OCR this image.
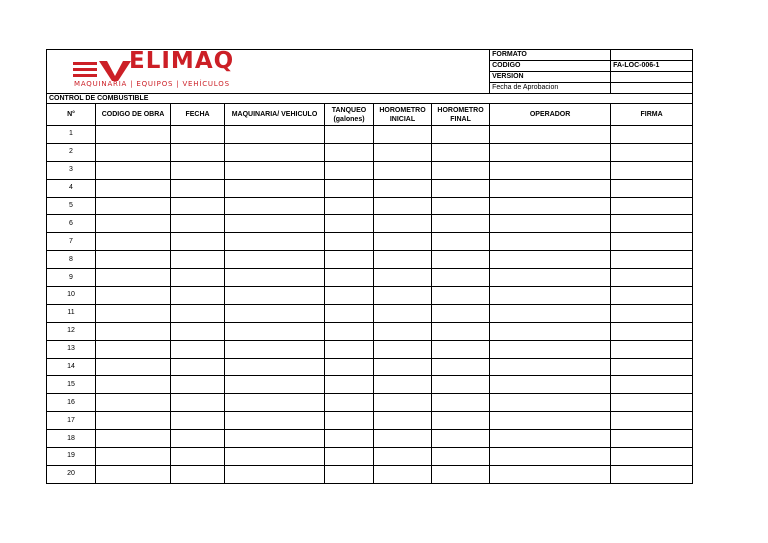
ELIMAQ
MAQUINARIA | EQUIPOS | VEHÍCULOS							FORMATO	
							CODIGO	FA-LOC-006-1
							VERSION	
							Fecha de Aprobacion	
CONTROL DE COMBUSTIBLE								
N°	CODIGO DE OBRA	FECHA	MAQUINARIA/ VEHICULO	TANQUEO (galones)	HOROMETRO INICIAL	HOROMETRO FINAL	OPERADOR	FIRMA
1								
2								
3								
4								
5								
6								
7								
8								
9								
10								
11								
12								
13								
14								
15								
16								
17								
18								
19								
20								
